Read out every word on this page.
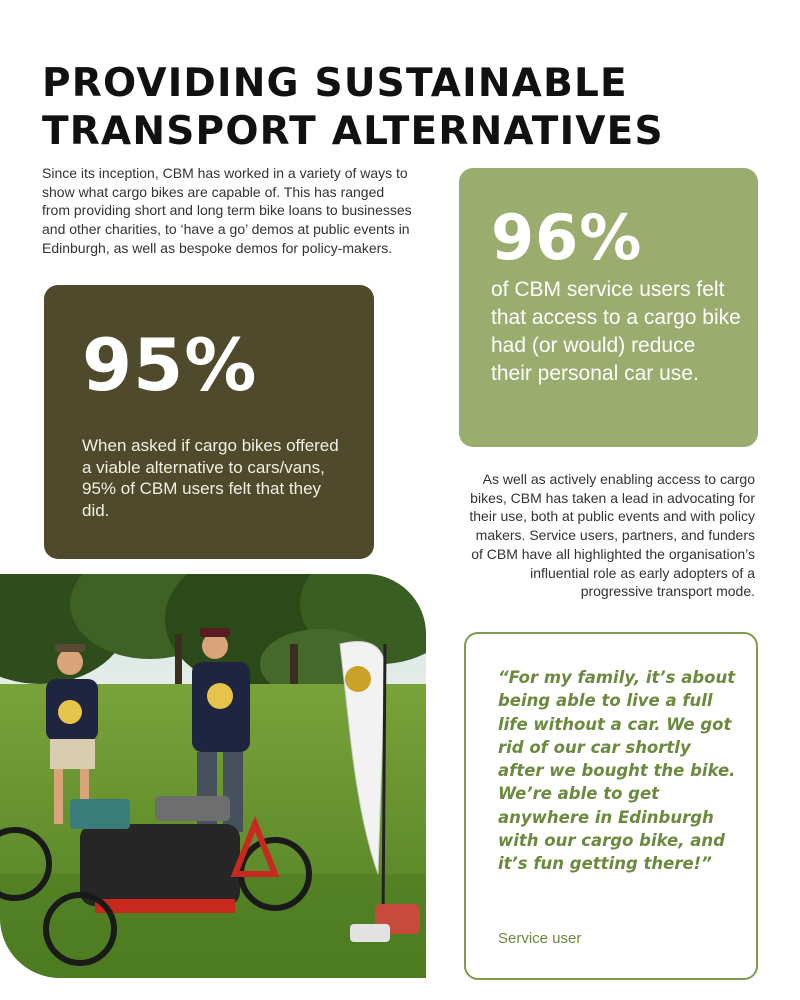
PROVIDING SUSTAINABLE
TRANSPORT ALTERNATIVES

Since its inception, CBM has worked in a variety of ways to show what cargo bikes are capable of. This has ranged from providing short and long term bike loans to businesses and other charities, to ‘have a go’ demos at public events in Edinburgh, as well as bespoke demos for policy-makers.

95%
When asked if cargo bikes offered a viable alternative to cars/vans, 95% of CBM users felt that they did.
96%
of CBM service users felt that access to a cargo bike had (or would) reduce their personal car use.

As well as actively enabling access to cargo bikes, CBM has taken a lead in advocating for their use, both at public events and with policy makers. Service users, partners, and funders of CBM have all highlighted the organisation’s influential role as early adopters of a progressive transport mode.

“For my family, it’s about being able to live a full life without a car. We got rid of our car shortly after we bought the bike. We’re able to get anywhere in Edinburgh with our cargo bike, and it’s fun getting there!”

Service user
